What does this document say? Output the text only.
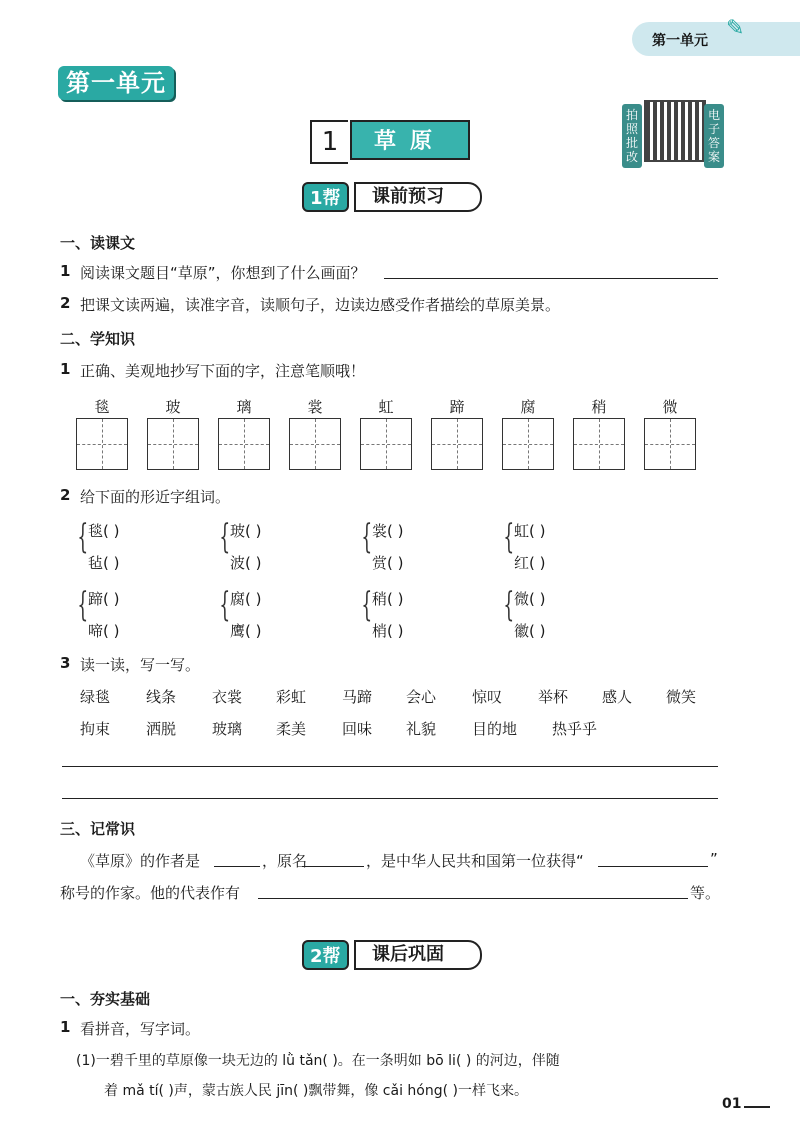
第一单元 ✎
第一单元
1	草原
拍照批改
电子答案
1帮	课前预习
一、读课文
1 阅读课文题目“草原”，你想到了什么画面？
2 把课文读两遍，读准字音，读顺句子，边读边感受作者描绘的草原美景。
二、学知识
1 正确、美观地抄写下面的字，注意笔顺哦！
毯	玻	璃	裳	虹	蹄	腐	稍	微
2 给下面的形近字组词。
{ 毯( )
毡( )
{ 玻( )
波( )
{ 裳( )
赏( )
{ 虹( )
红( )
{ 蹄( )
啼( )
{ 腐( )
鹰( )
{ 稍( )
梢( )
{ 微( )
徽( )
3 读一读，写一写。
绿毯 线条 衣裳 彩虹 马蹄 会心 惊叹 举杯 感人 微笑
拘束 洒脱 玻璃 柔美 回味 礼貌 目的地 热乎乎
三、记常识
《草原》的作者是	，原名	，是中华人民共和国第一位获得“	”
称号的作家。他的代表作有	等。
2帮	课后巩固
一、夯实基础
1 看拼音，写字词。
(1)一碧千里的草原像一块无边的 lǜ tǎn( )。在一条明如 bō li( ) 的河边，伴随
着 mǎ tí( )声，蒙古族人民 jīn( )飘带舞，像 cǎi hóng( )一样飞来。
01
